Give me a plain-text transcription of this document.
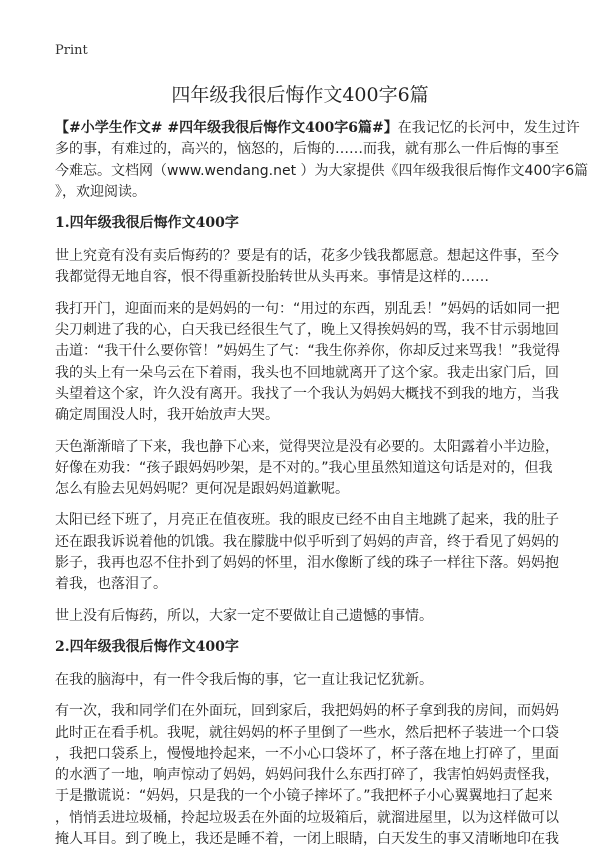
Print
四年级我很后悔作文400字6篇
【#小学生作文# #四年级我很后悔作文400字6篇#】在我记忆的长河中，发生过许
多的事，有难过的，高兴的，恼怒的，后悔的……而我，就有那么一件后悔的事至
今难忘。文档网（www.wendang.net ）为大家提供《四年级我很后悔作文400字6篇
》，欢迎阅读。
1.四年级我很后悔作文400字
世上究竟有没有卖后悔药的？要是有的话，花多少钱我都愿意。想起这件事，至今
我都觉得无地自容，恨不得重新投胎转世从头再来。事情是这样的……
我打开门，迎面而来的是妈妈的一句：“用过的东西，别乱丢！”妈妈的话如同一把
尖刀刺进了我的心，白天我已经很生气了，晚上又得挨妈妈的骂，我不甘示弱地回
击道：“我干什么要你管！”妈妈生了气：“我生你养你，你却反过来骂我！”我觉得
我的头上有一朵乌云在下着雨，我头也不回地就离开了这个家。我走出家门后，回
头望着这个家，许久没有离开。我找了一个我认为妈妈大概找不到我的地方，当我
确定周围没人时，我开始放声大哭。
天色渐渐暗了下来，我也静下心来，觉得哭泣是没有必要的。太阳露着小半边脸，
好像在劝我：“孩子跟妈妈吵架，是不对的。”我心里虽然知道这句话是对的，但我
怎么有脸去见妈妈呢？更何况是跟妈妈道歉呢。
太阳已经下班了，月亮正在值夜班。我的眼皮已经不由自主地跳了起来，我的肚子
还在跟我诉说着他的饥饿。我在朦胧中似乎听到了妈妈的声音，终于看见了妈妈的
影子，我再也忍不住扑到了妈妈的怀里，泪水像断了线的珠子一样往下落。妈妈抱
着我，也落泪了。
世上没有后悔药，所以，大家一定不要做让自己遗憾的事情。
2.四年级我很后悔作文400字
在我的脑海中，有一件令我后悔的事，它一直让我记忆犹新。
有一次，我和同学们在外面玩，回到家后，我把妈妈的杯子拿到我的房间，而妈妈
此时正在看手机。我呢，就往妈妈的杯子里倒了一些水，然后把杯子装进一个口袋
，我把口袋系上，慢慢地拎起来，一不小心口袋坏了，杯子落在地上打碎了，里面
的水洒了一地，响声惊动了妈妈，妈妈问我什么东西打碎了，我害怕妈妈责怪我，
于是撒谎说：“妈妈，只是我的一个小镜子摔坏了。”我把杯子小心翼翼地扫了起来
，悄悄丢进垃圾桶，拎起垃圾丢在外面的垃圾箱后，就溜进屋里，以为这样做可以
掩人耳目。到了晚上，我还是睡不着，一闭上眼睛，白天发生的事又清晰地印在我
